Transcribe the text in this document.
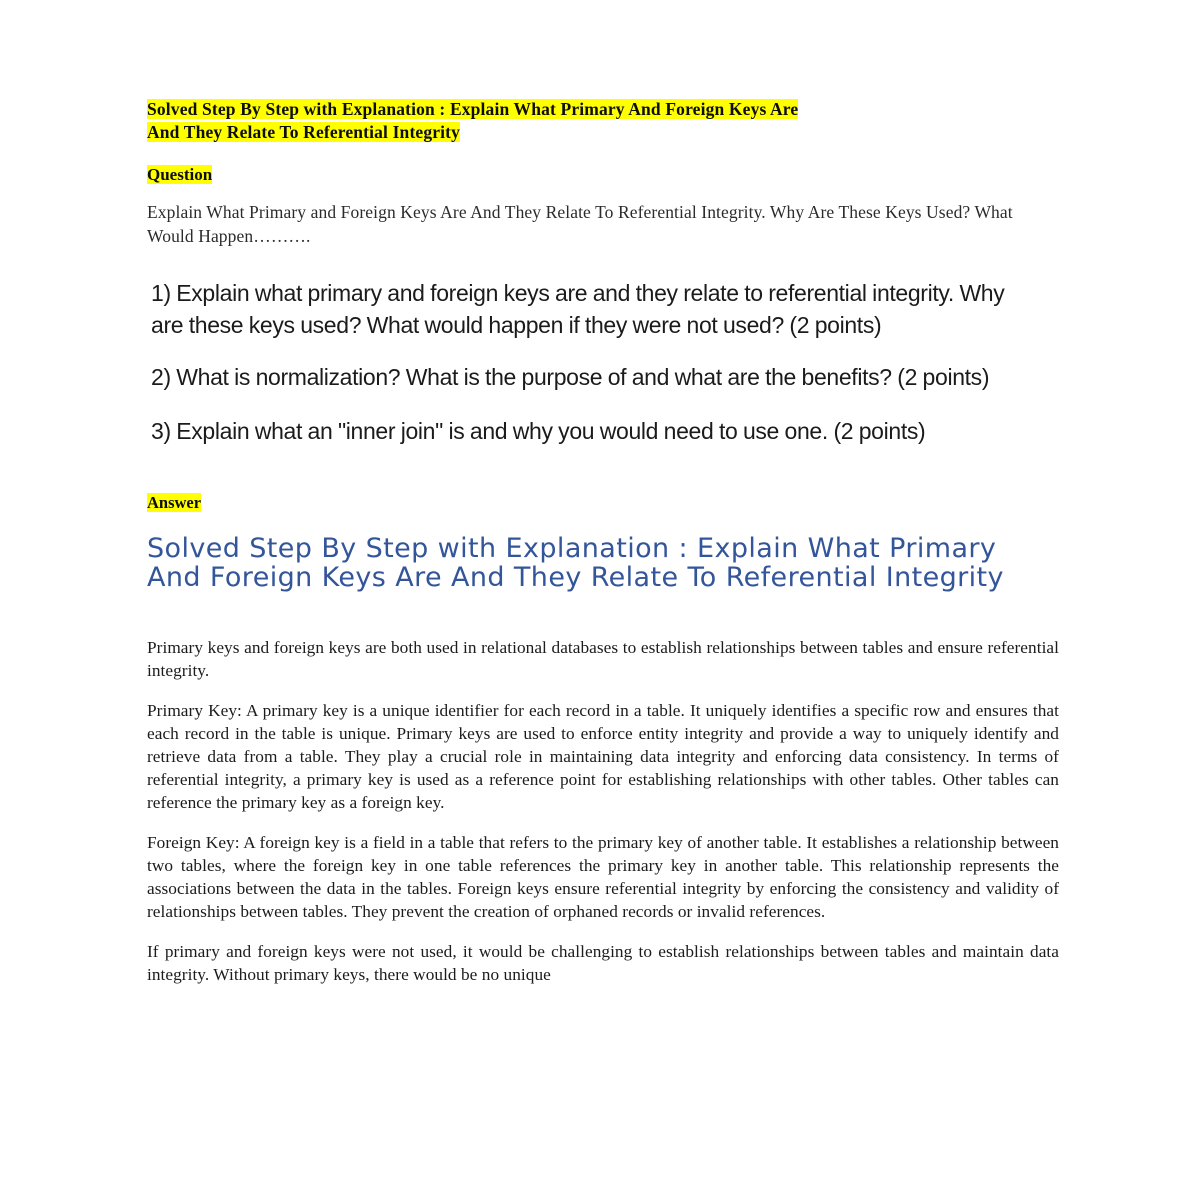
Solved Step By Step with Explanation : Explain What Primary And Foreign Keys Are
And They Relate To Referential Integrity
Question

Explain What Primary and Foreign Keys Are And They Relate To Referential Integrity. Why Are These Keys Used? What Would Happen……….

1) Explain what primary and foreign keys are and they relate to referential integrity. Why are these keys used? What would happen if they were not used? (2 points)

2) What is normalization? What is the purpose of and what are the benefits? (2 points)

3) Explain what an "inner join" is and why you would need to use one. (2 points)

Answer
Solved Step By Step with Explanation : Explain What Primary And Foreign Keys Are And They Relate To Referential Integrity

Primary keys and foreign keys are both used in relational databases to establish relationships between tables and ensure referential integrity.

Primary Key: A primary key is a unique identifier for each record in a table. It uniquely identifies a specific row and ensures that each record in the table is unique. Primary keys are used to enforce entity integrity and provide a way to uniquely identify and retrieve data from a table. They play a crucial role in maintaining data integrity and enforcing data consistency. In terms of referential integrity, a primary key is used as a reference point for establishing relationships with other tables. Other tables can reference the primary key as a foreign key.

Foreign Key: A foreign key is a field in a table that refers to the primary key of another table. It establishes a relationship between two tables, where the foreign key in one table references the primary key in another table. This relationship represents the associations between the data in the tables. Foreign keys ensure referential integrity by enforcing the consistency and validity of relationships between tables. They prevent the creation of orphaned records or invalid references.

If primary and foreign keys were not used, it would be challenging to establish relationships between tables and maintain data integrity. Without primary keys, there would be no unique
